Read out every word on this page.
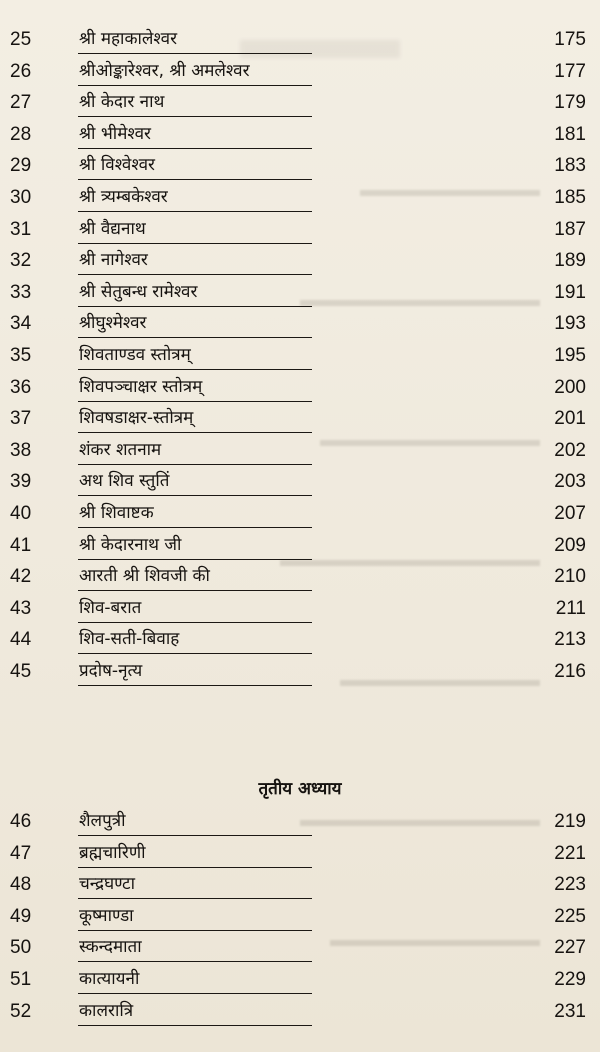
25	श्री महाकालेश्वर	175
26	श्रीओङ्कारेश्वर, श्री अमलेश्वर	177
27	श्री केदार नाथ	179
28	श्री भीमेश्वर	181
29	श्री विश्वेश्वर	183
30	श्री त्र्यम्बकेश्वर	185
31	श्री वैद्यनाथ	187
32	श्री नागेश्वर	189
33	श्री सेतुबन्ध रामेश्वर	191
34	श्रीघुश्मेश्वर	193
35	शिवताण्डव स्तोत्रम्	195
36	शिवपञ्चाक्षर स्तोत्रम्	200
37	शिवषडाक्षर-स्तोत्रम्	201
38	शंकर शतनाम	202
39	अथ शिव स्तुतिं	203
40	श्री शिवाष्टक	207
41	श्री केदारनाथ जी	209
42	आरती श्री शिवजी की	210
43	शिव-बरात	211
44	शिव-सती-बिवाह	213
45	प्रदोष-नृत्य	216
तृतीय अध्याय
46	शैलपुत्री	219
47	ब्रह्मचारिणी	221
48	चन्द्रघण्टा	223
49	कूष्माण्डा	225
50	स्कन्दमाता	227
51	कात्यायनी	229
52	कालरात्रि	231
